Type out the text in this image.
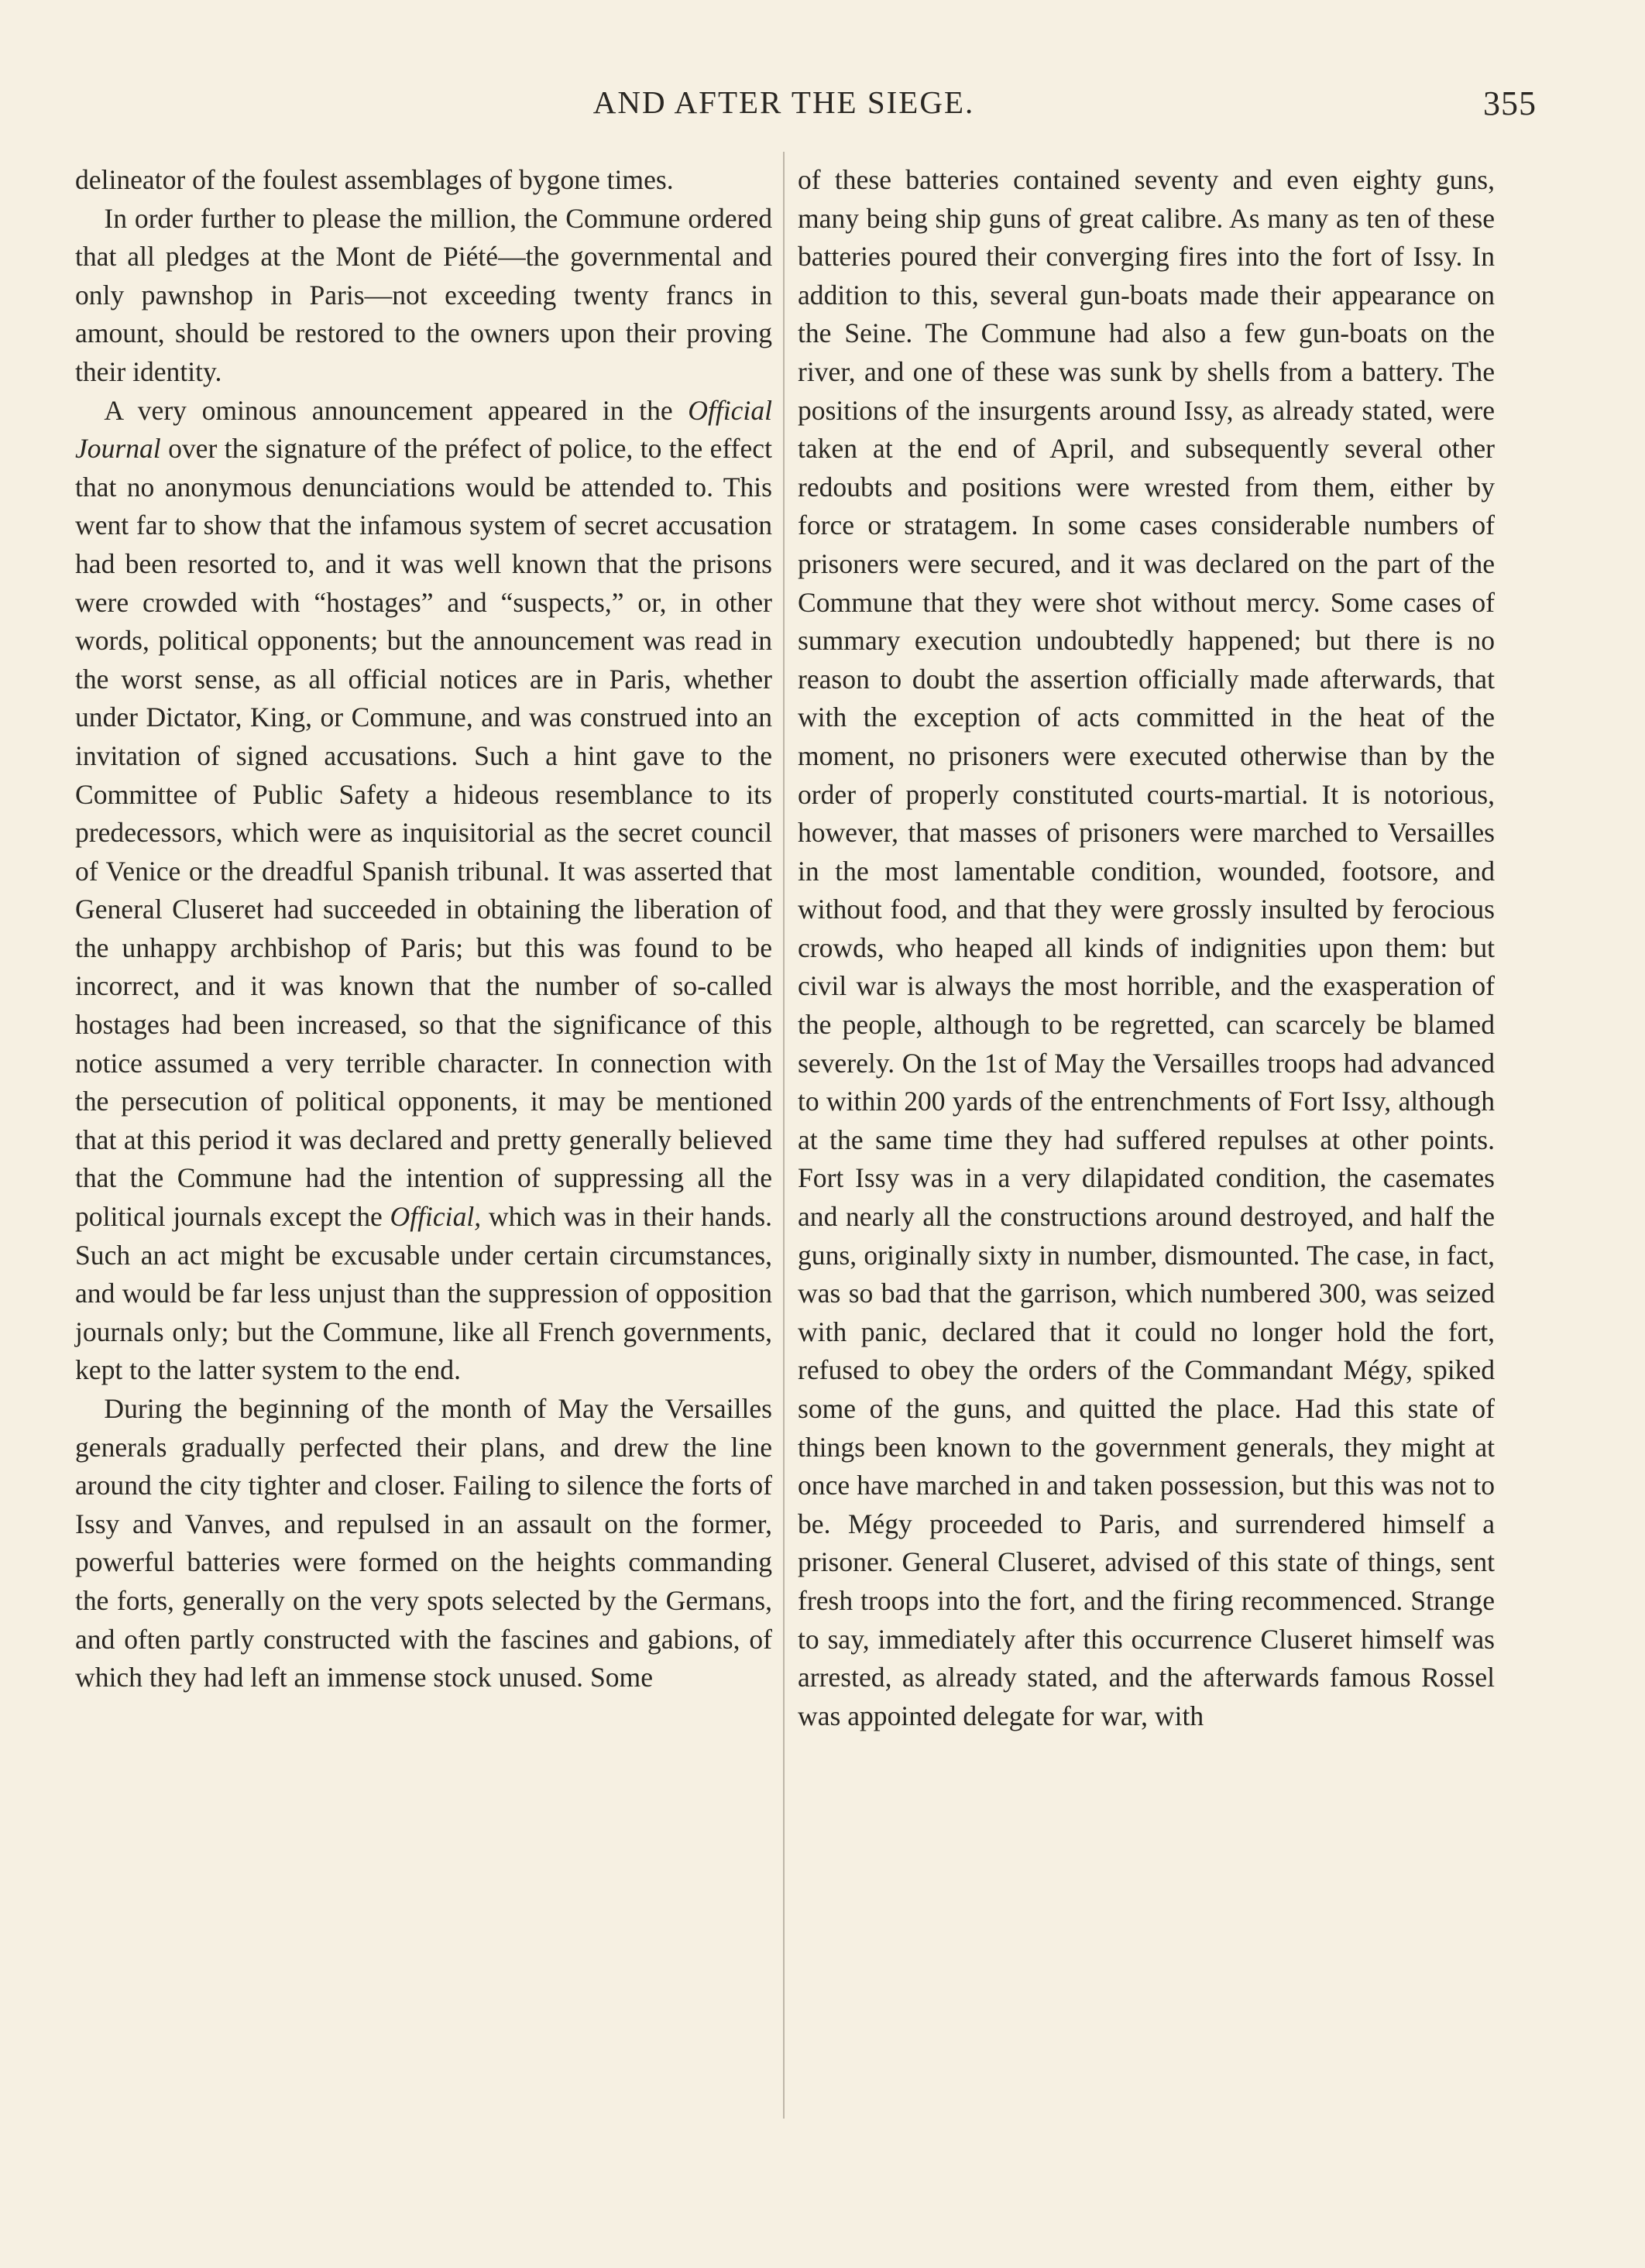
AND AFTER THE SIEGE.	355

delineator of the foulest assemblages of bygone times.

In order further to please the million, the Commune ordered that all pledges at the Mont de Piété—the governmental and only pawnshop in Paris—not exceeding twenty francs in amount, should be restored to the owners upon their proving their identity.

A very ominous announcement appeared in the Official Journal over the signature of the préfect of police, to the effect that no anonymous denunciations would be attended to. This went far to show that the infamous system of secret accusation had been resorted to, and it was well known that the prisons were crowded with “hostages” and “suspects,” or, in other words, political opponents; but the announcement was read in the worst sense, as all official notices are in Paris, whether under Dictator, King, or Commune, and was construed into an invitation of signed accusations. Such a hint gave to the Committee of Public Safety a hideous resemblance to its predecessors, which were as inquisitorial as the secret council of Venice or the dreadful Spanish tribunal. It was asserted that General Cluseret had succeeded in obtaining the liberation of the unhappy archbishop of Paris; but this was found to be incorrect, and it was known that the number of so-called hostages had been increased, so that the significance of this notice assumed a very terrible character. In connection with the persecution of political opponents, it may be mentioned that at this period it was declared and pretty generally believed that the Commune had the intention of suppressing all the political journals except the Official, which was in their hands. Such an act might be excusable under certain circumstances, and would be far less unjust than the suppression of opposition journals only; but the Commune, like all French governments, kept to the latter system to the end.

During the beginning of the month of May the Versailles generals gradually perfected their plans, and drew the line around the city tighter and closer. Failing to silence the forts of Issy and Vanves, and repulsed in an assault on the former, powerful batteries were formed on the heights commanding the forts, generally on the very spots selected by the Germans, and often partly constructed with the fascines and gabions, of which they had left an immense stock unused. Some

of these batteries contained seventy and even eighty guns, many being ship guns of great calibre. As many as ten of these batteries poured their converging fires into the fort of Issy. In addition to this, several gun-boats made their appearance on the Seine. The Commune had also a few gun-boats on the river, and one of these was sunk by shells from a battery. The positions of the insurgents around Issy, as already stated, were taken at the end of April, and subsequently several other redoubts and positions were wrested from them, either by force or stratagem. In some cases considerable numbers of prisoners were secured, and it was declared on the part of the Commune that they were shot without mercy. Some cases of summary execution undoubtedly happened; but there is no reason to doubt the assertion officially made afterwards, that with the exception of acts committed in the heat of the moment, no prisoners were executed otherwise than by the order of properly constituted courts-martial. It is notorious, however, that masses of prisoners were marched to Versailles in the most lamentable condition, wounded, footsore, and without food, and that they were grossly insulted by ferocious crowds, who heaped all kinds of indignities upon them: but civil war is always the most horrible, and the exasperation of the people, although to be regretted, can scarcely be blamed severely. On the 1st of May the Versailles troops had advanced to within 200 yards of the entrenchments of Fort Issy, although at the same time they had suffered repulses at other points. Fort Issy was in a very dilapidated condition, the casemates and nearly all the constructions around destroyed, and half the guns, originally sixty in number, dismounted. The case, in fact, was so bad that the garrison, which numbered 300, was seized with panic, declared that it could no longer hold the fort, refused to obey the orders of the Commandant Mégy, spiked some of the guns, and quitted the place. Had this state of things been known to the government generals, they might at once have marched in and taken possession, but this was not to be. Mégy proceeded to Paris, and surrendered himself a prisoner. General Cluseret, advised of this state of things, sent fresh troops into the fort, and the firing recommenced. Strange to say, immediately after this occurrence Cluseret himself was arrested, as already stated, and the afterwards famous Rossel was appointed delegate for war, with
